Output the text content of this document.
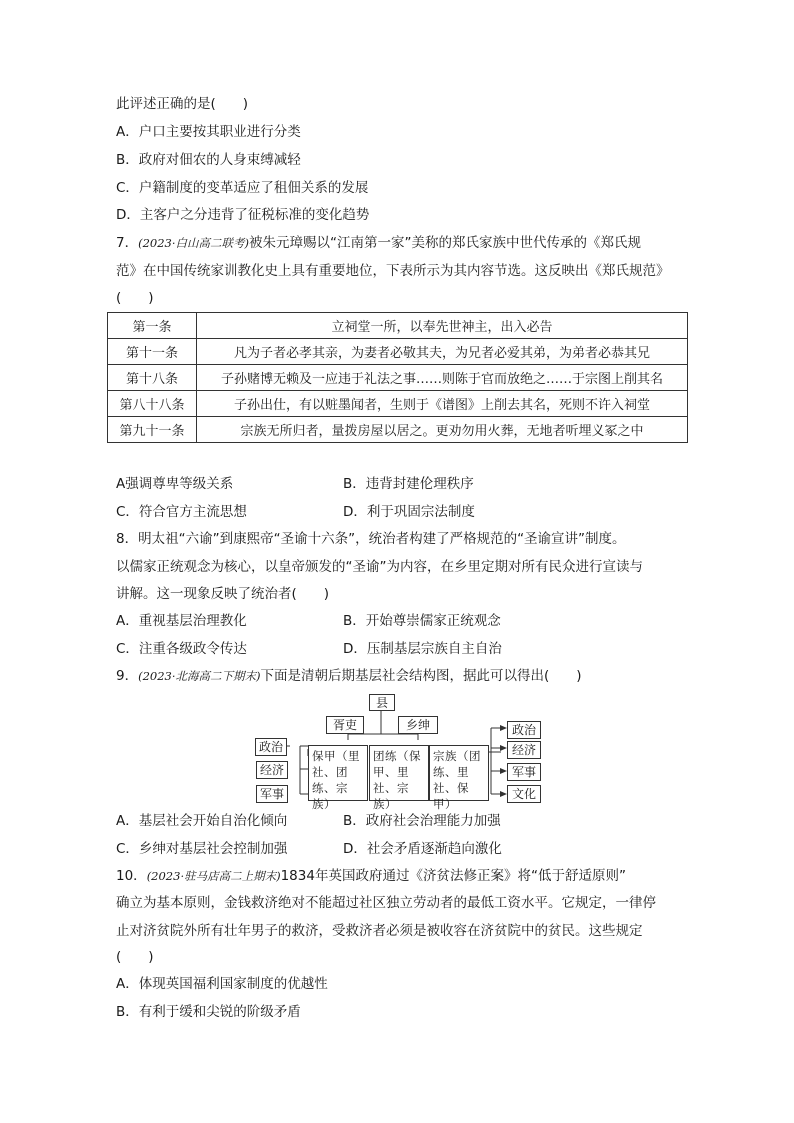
此评述正确的是(　　)
A．户口主要按其职业进行分类
B．政府对佃农的人身束缚减轻
C．户籍制度的变革适应了租佃关系的发展
D．主客户之分违背了征税标准的变化趋势
7．(2023·白山高二联考)被朱元璋赐以“江南第一家”美称的郑氏家族中世代传承的《郑氏规
范》在中国传统家训教化史上具有重要地位，下表所示为其内容节选。这反映出《郑氏规范》
(　　)
第一条	立祠堂一所，以奉先世神主，出入必告
第十一条	凡为子者必孝其亲，为妻者必敬其夫，为兄者必爱其弟，为弟者必恭其兄
第十八条	子孙赌博无赖及一应违于礼法之事……则陈于官而放绝之……于宗图上削其名
第八十八条	子孙出仕，有以赃墨闻者，生则于《谱图》上削去其名，死则不许入祠堂
第九十一条	宗族无所归者，量拨房屋以居之。更劝勿用火葬，无地者听埋义冢之中
A强调尊卑等级关系	B．违背封建伦理秩序
C．符合官方主流思想	D．利于巩固宗法制度
8．明太祖“六谕”到康熙帝“圣谕十六条”，统治者构建了严格规范的“圣谕宣讲”制度。
以儒家正统观念为核心，以皇帝颁发的“圣谕”为内容，在乡里定期对所有民众进行宣读与
讲解。这一现象反映了统治者(　　)
A．重视基层治理教化	B．开始尊崇儒家正统观念
C．注重各级政令传达	D．压制基层宗族自主自治
9．(2023·北海高二下期末)下面是清朝后期基层社会结构图，据此可以得出(　　)
县
胥吏	乡绅
保甲（里社、团练、宗族）
团练（保甲、里社、宗族）
宗族（团练、里社、保甲）
政治
经济
军事
政治
经济
军事
文化
A．基层社会开始自治化倾向	B．政府社会治理能力加强
C．乡绅对基层社会控制加强	D．社会矛盾逐渐趋向激化
10．(2023·驻马店高二上期末)1834年英国政府通过《济贫法修正案》将“低于舒适原则”
确立为基本原则，金钱救济绝对不能超过社区独立劳动者的最低工资水平。它规定，一律停
止对济贫院外所有壮年男子的救济，受救济者必须是被收容在济贫院中的贫民。这些规定
(　　)
A．体现英国福利国家制度的优越性
B．有利于缓和尖锐的阶级矛盾
